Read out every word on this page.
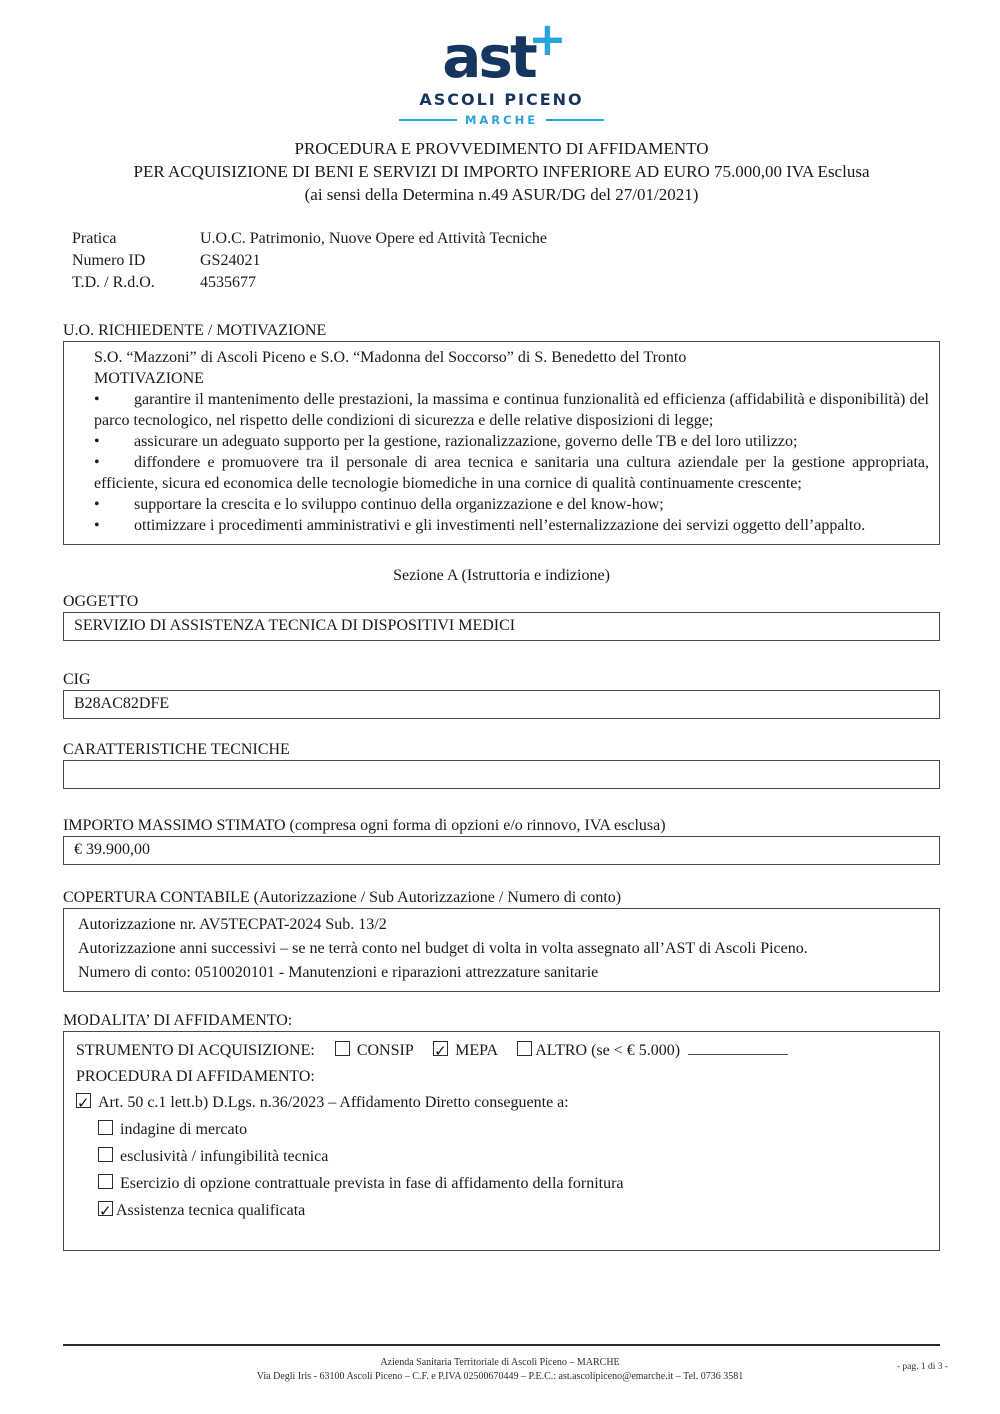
ast
+
ASCOLI PICENO
MARCHE
PROCEDURA E PROVVEDIMENTO DI AFFIDAMENTO
PER ACQUISIZIONE DI BENI E SERVIZI DI IMPORTO INFERIORE AD EURO 75.000,00 IVA Esclusa
(ai sensi della Determina n.49 ASUR/DG del 27/01/2021)
Pratica	U.O.C. Patrimonio, Nuove Opere ed Attività Tecniche
Numero ID	GS24021
T.D. / R.d.O.	4535677
U.O. RICHIEDENTE / MOTIVAZIONE
S.O. “Mazzoni” di Ascoli Piceno e S.O. “Madonna del Soccorso” di S. Benedetto del Tronto
MOTIVAZIONE
• garantire il mantenimento delle prestazioni, la massima e continua funzionalità ed efficienza (affidabilità e disponibilità) del parco tecnologico, nel rispetto delle condizioni di sicurezza e delle relative disposizioni di legge;
• assicurare un adeguato supporto per la gestione, razionalizzazione, governo delle TB e del loro utilizzo;
• diffondere e promuovere tra il personale di area tecnica e sanitaria una cultura aziendale per la gestione appropriata, efficiente, sicura ed economica delle tecnologie biomediche in una cornice di qualità continuamente crescente;
• supportare la crescita e lo sviluppo continuo della organizzazione e del know-how;
• ottimizzare i procedimenti amministrativi e gli investimenti nell’esternalizzazione dei servizi oggetto dell’appalto.
Sezione A (Istruttoria e indizione)
OGGETTO
SERVIZIO DI ASSISTENZA TECNICA DI DISPOSITIVI MEDICI
CIG
B28AC82DFE
CARATTERISTICHE TECNICHE
IMPORTO MASSIMO STIMATO (compresa ogni forma di opzioni e/o rinnovo, IVA esclusa)
€ 39.900,00
COPERTURA CONTABILE (Autorizzazione / Sub Autorizzazione / Numero di conto)
Autorizzazione nr. AV5TECPAT-2024 Sub. 13/2
Autorizzazione anni successivi – se ne terrà conto nel budget di volta in volta assegnato all’AST di Ascoli Piceno.
Numero di conto: 0510020101 - Manutenzioni e riparazioni attrezzature sanitarie
MODALITA’ DI AFFIDAMENTO:
STRUMENTO DI ACQUISIZIONE:	CONSIP ✓	MEPA ALTRO (se < € 5.000)
PROCEDURA DI AFFIDAMENTO:
✓Art. 50 c.1 lett.b) D.Lgs. n.36/2023 – Affidamento Diretto conseguente a:
indagine di mercato
esclusività / infungibilità tecnica
Esercizio di opzione contrattuale prevista in fase di affidamento della fornitura
✓Assistenza tecnica qualificata
Azienda Sanitaria Territoriale di Ascoli Piceno – MARCHE
Via Degli Iris - 63100 Ascoli Piceno – C.F. e P.IVA 02500670449 – P.E.C.: ast.ascolipiceno@emarche.it – Tel. 0736 3581
- pag. 1 di 3 -
